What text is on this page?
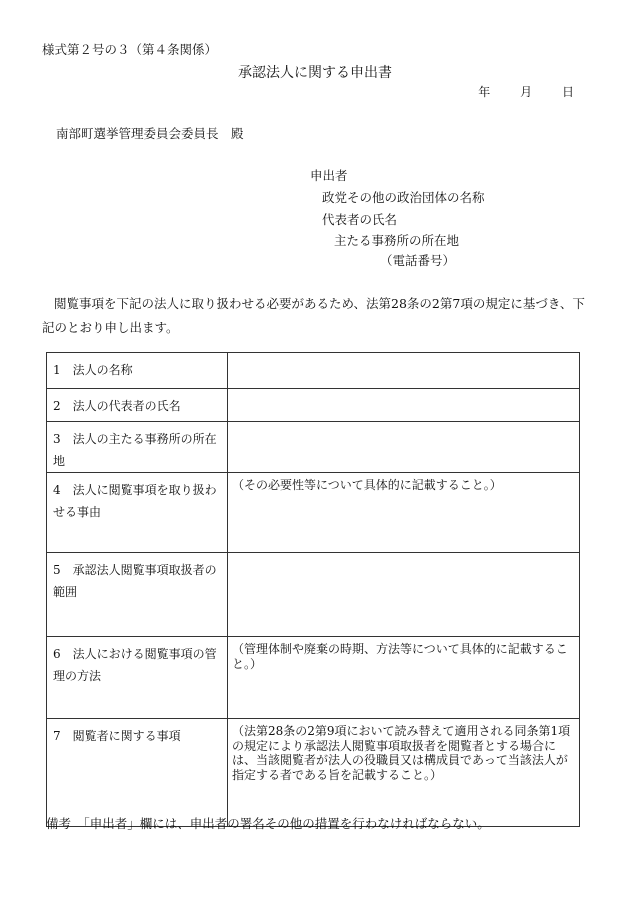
様式第２号の３（第４条関係）
承認法人に関する申出書
年 月 日
南部町選挙管理委員会委員長　殿
申出者
政党その他の政治団体の名称
代表者の氏名
主たる事務所の所在地
（電話番号）
閲覧事項を下記の法人に取り扱わせる必要があるため、法第28条の2第7項の規定に基づき、下記のとおり申し出ます。
1　法人の名称	
2　法人の代表者の氏名	
3　法人の主たる事務所の所在地	
4　法人に閲覧事項を取り扱わせる事由	（その必要性等について具体的に記載すること。）
5　承認法人閲覧事項取扱者の範囲	
6　法人における閲覧事項の管理の方法	（管理体制や廃棄の時期、方法等について具体的に記載すること。）
7　閲覧者に関する事項	（法第28条の2第9項において読み替えて適用される同条第1項の規定により承認法人閲覧事項取扱者を閲覧者とする場合には、当該閲覧者が法人の役職員又は構成員であって当該法人が指定する者である旨を記載すること。）
備考　「申出者」欄には、申出者の署名その他の措置を行わなければならない。
